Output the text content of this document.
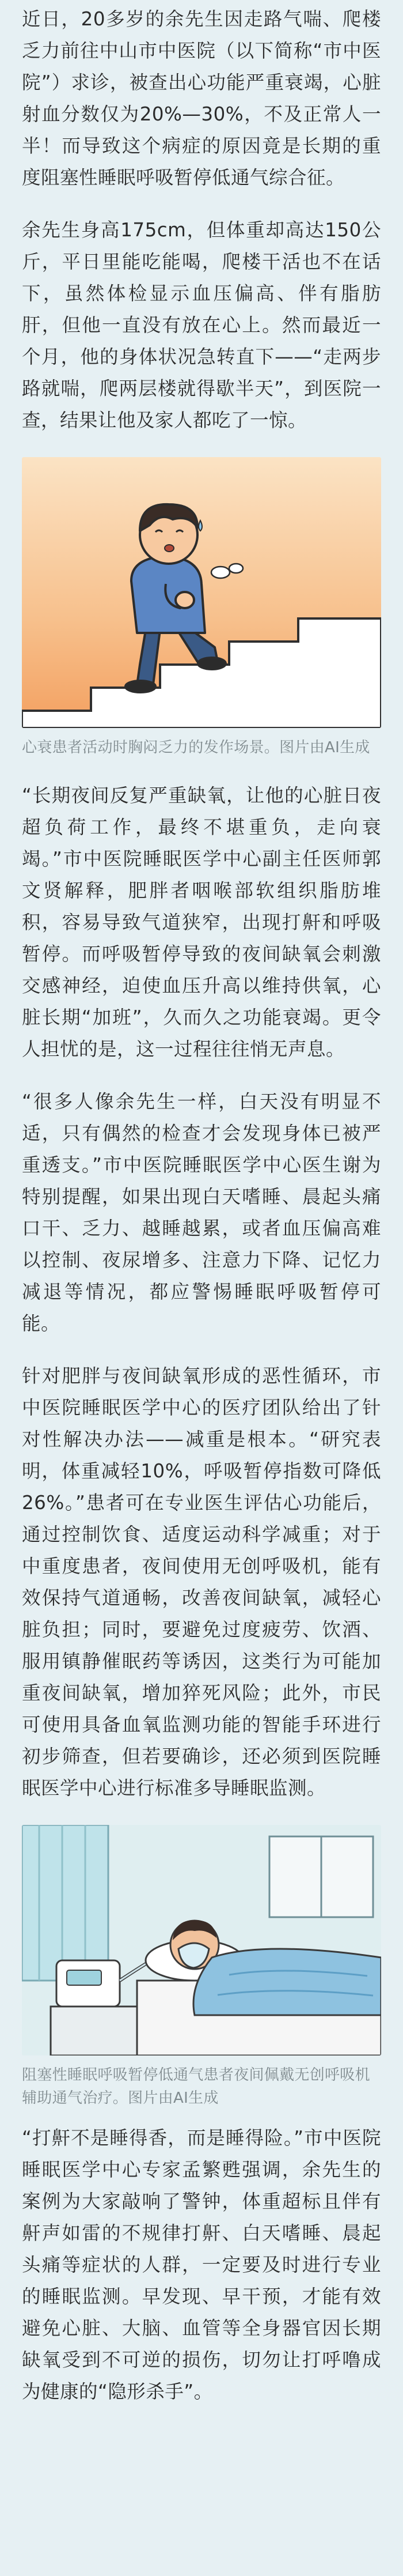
近日，20多岁的余先生因走路气喘、爬楼乏力前往中山市中医院（以下简称“市中医院”）求诊，被查出心功能严重衰竭，心脏射血分数仅为20%—30%，不及正常人一半！而导致这个病症的原因竟是长期的重度阻塞性睡眠呼吸暂停低通气综合征。

余先生身高175cm，但体重却高达150公斤，平日里能吃能喝，爬楼干活也不在话下，虽然体检显示血压偏高、伴有脂肪肝，但他一直没有放在心上。然而最近一个月，他的身体状况急转直下——“走两步路就喘，爬两层楼就得歇半天”，到医院一查，结果让他及家人都吃了一惊。

心衰患者活动时胸闷乏力的发作场景。图片由AI生成

“长期夜间反复严重缺氧，让他的心脏日夜超负荷工作，最终不堪重负，走向衰竭。”市中医院睡眠医学中心副主任医师郭文贤解释，肥胖者咽喉部软组织脂肪堆积，容易导致气道狭窄，出现打鼾和呼吸暂停。而呼吸暂停导致的夜间缺氧会刺激交感神经，迫使血压升高以维持供氧，心脏长期“加班”，久而久之功能衰竭。更令人担忧的是，这一过程往往悄无声息。

“很多人像余先生一样，白天没有明显不适，只有偶然的检查才会发现身体已被严重透支。”市中医院睡眠医学中心医生谢为特别提醒，如果出现白天嗜睡、晨起头痛口干、乏力、越睡越累，或者血压偏高难以控制、夜尿增多、注意力下降、记忆力减退等情况，都应警惕睡眠呼吸暂停可能。

针对肥胖与夜间缺氧形成的恶性循环，市中医院睡眠医学中心的医疗团队给出了针对性解决办法——减重是根本。“研究表明，体重减轻10%，呼吸暂停指数可降低26%。”患者可在专业医生评估心功能后，通过控制饮食、适度运动科学减重；对于中重度患者，夜间使用无创呼吸机，能有效保持气道通畅，改善夜间缺氧，减轻心脏负担；同时，要避免过度疲劳、饮酒、服用镇静催眠药等诱因，这类行为可能加重夜间缺氧，增加猝死风险；此外，市民可使用具备血氧监测功能的智能手环进行初步筛查，但若要确诊，还必须到医院睡眠医学中心进行标准多导睡眠监测。

阻塞性睡眠呼吸暂停低通气患者夜间佩戴无创呼吸机辅助通气治疗。图片由AI生成

“打鼾不是睡得香，而是睡得险。”市中医院睡眠医学中心专家孟繁甦强调，余先生的案例为大家敲响了警钟，体重超标且伴有鼾声如雷的不规律打鼾、白天嗜睡、晨起头痛等症状的人群，一定要及时进行专业的睡眠监测。早发现、早干预，才能有效避免心脏、大脑、血管等全身器官因长期缺氧受到不可逆的损伤，切勿让打呼噜成为健康的“隐形杀手”。
